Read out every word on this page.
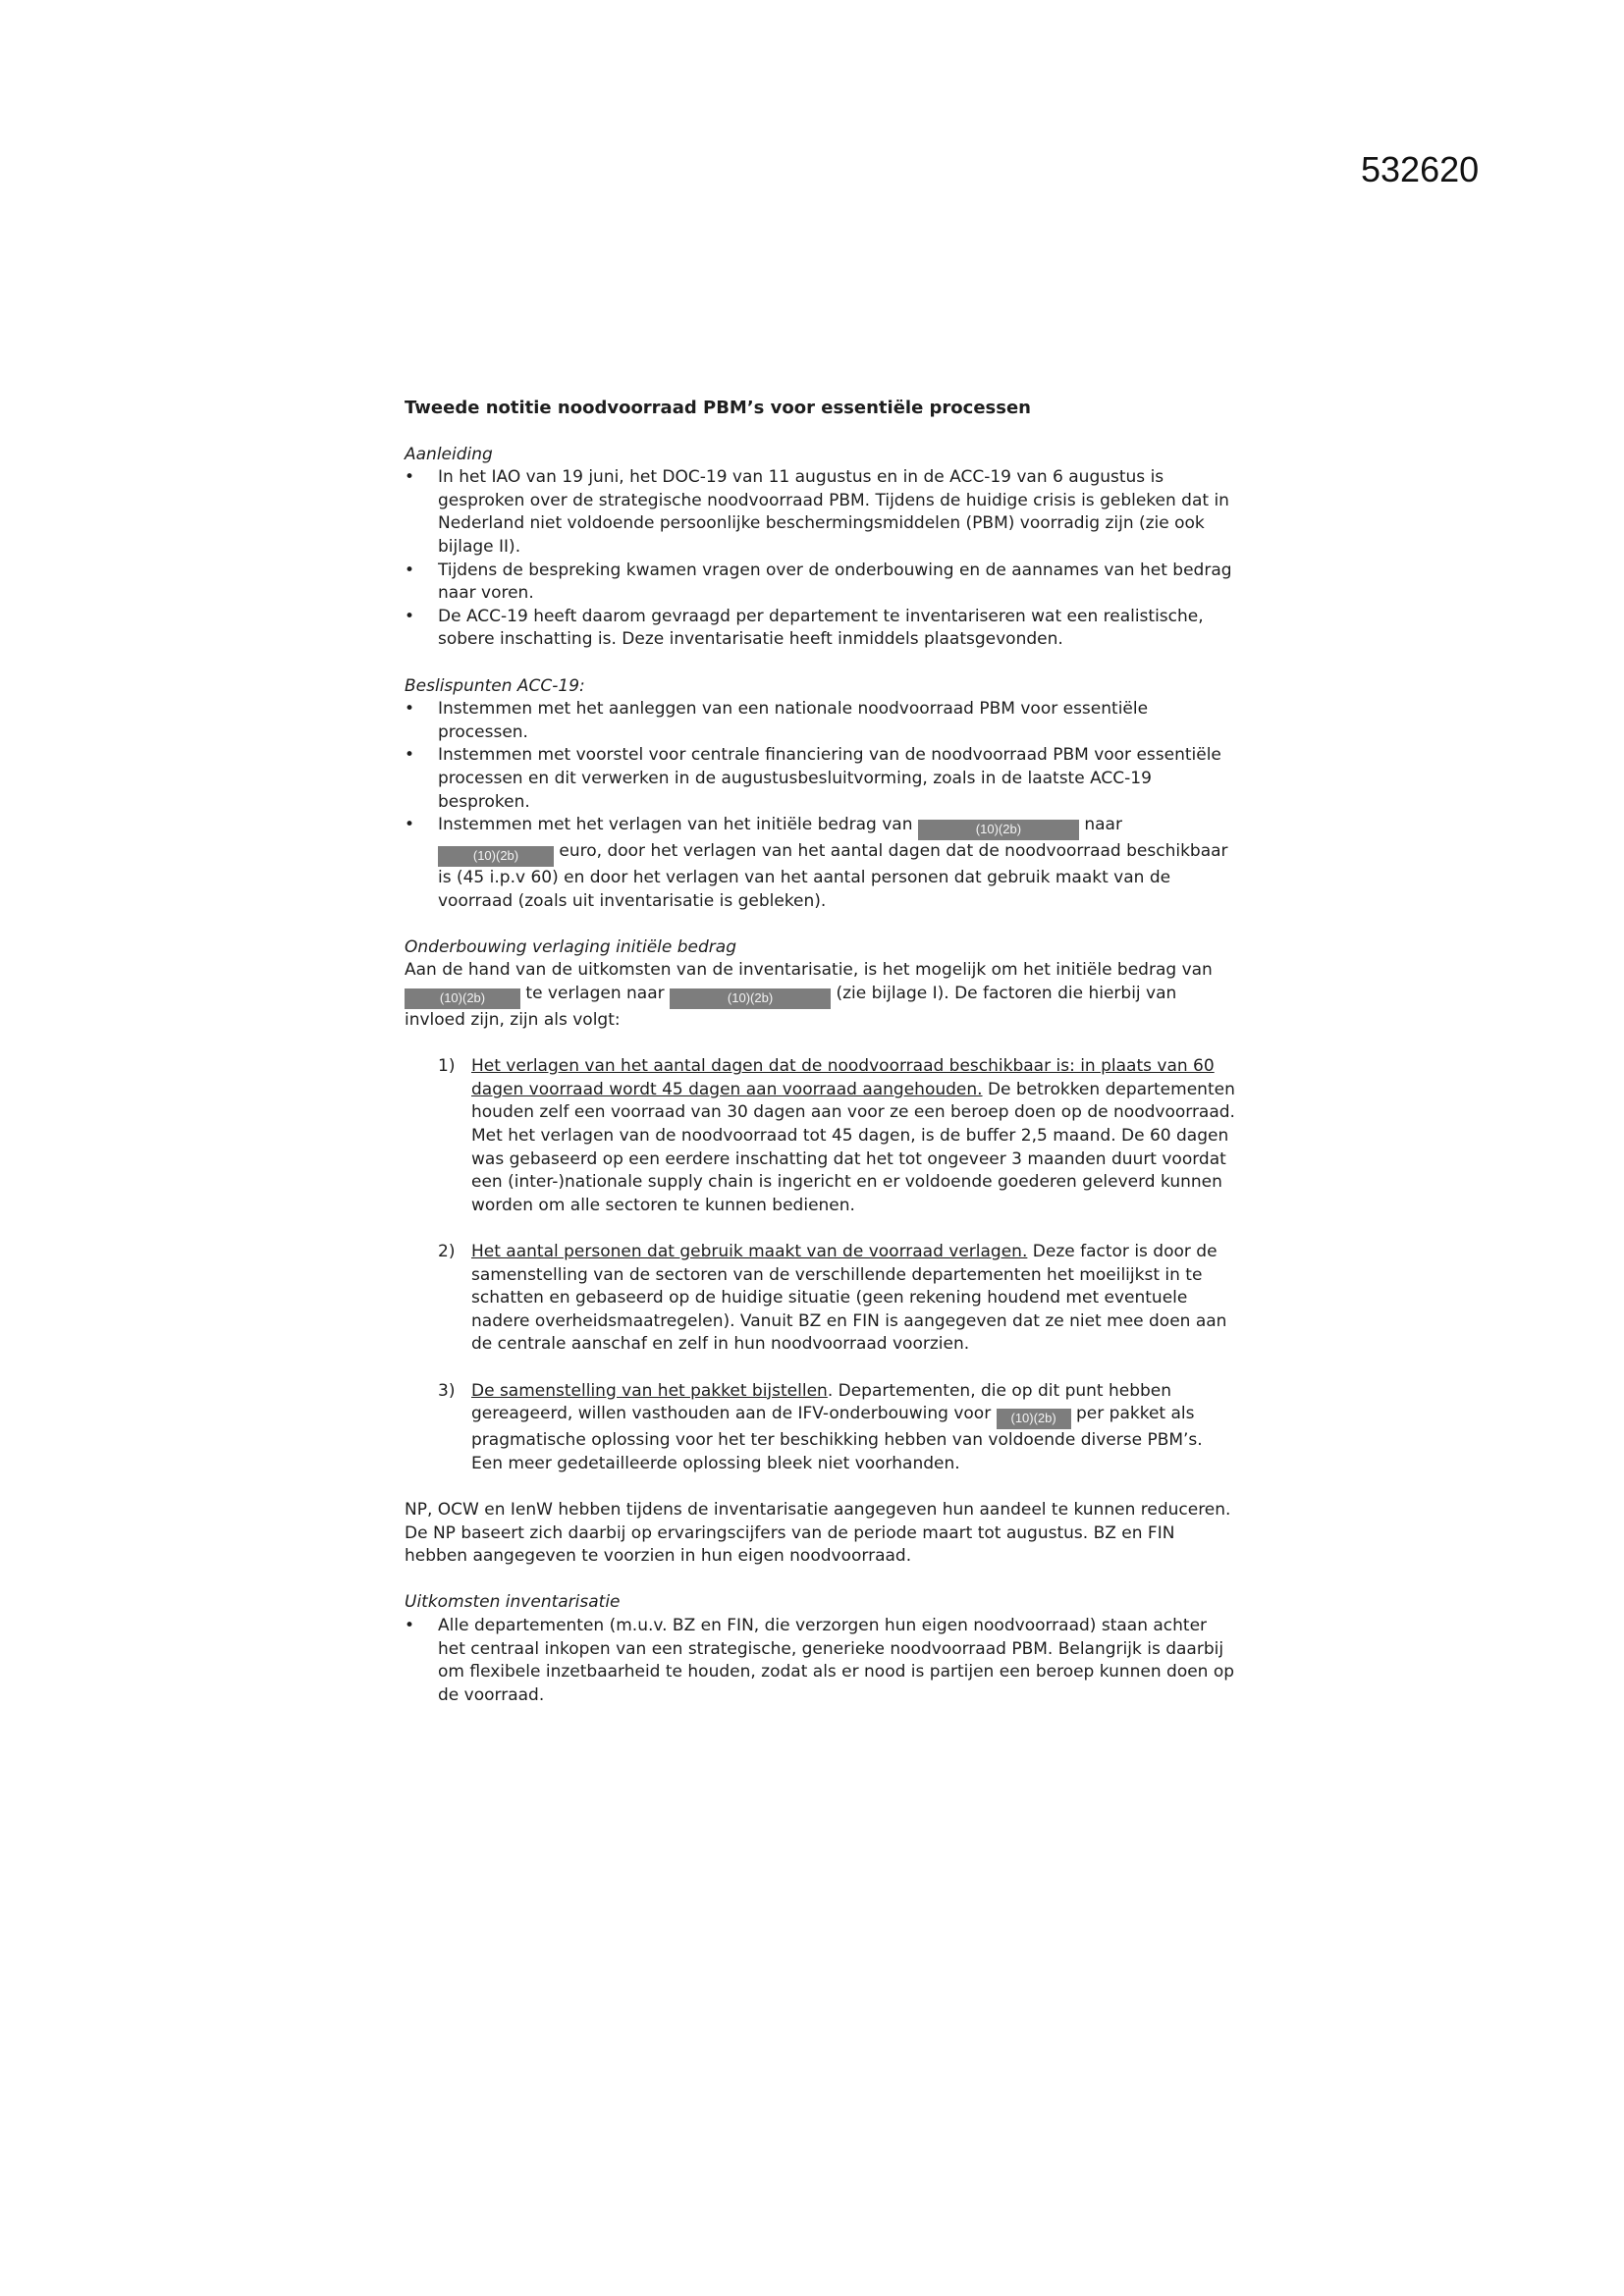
532620
Tweede notitie noodvoorraad PBM’s voor essentiële processen

Aanleiding

• In het IAO van 19 juni, het DOC-19 van 11 augustus en in de ACC-19 van 6 augustus is gesproken over de strategische noodvoorraad PBM. Tijdens de huidige crisis is gebleken dat in Nederland niet voldoende persoonlijke beschermingsmiddelen (PBM) voorradig zijn (zie ook bijlage II).
• Tijdens de bespreking kwamen vragen over de onderbouwing en de aannames van het bedrag naar voren.
• De ACC-19 heeft daarom gevraagd per departement te inventariseren wat een realistische, sobere inschatting is. Deze inventarisatie heeft inmiddels plaatsgevonden.

Beslispunten ACC-19:

• Instemmen met het aanleggen van een nationale noodvoorraad PBM voor essentiële processen.
• Instemmen met voorstel voor centrale financiering van de noodvoorraad PBM voor essentiële processen en dit verwerken in de augustusbesluitvorming, zoals in de laatste ACC-19 besproken.
• Instemmen met het verlagen van het initiële bedrag van	(10)(2b)	naar (10)(2b) euro, door het verlagen van het aantal dagen dat de noodvoorraad beschikbaar is (45 i.p.v 60) en door het verlagen van het aantal personen dat gebruik maakt van de voorraad (zoals uit inventarisatie is gebleken).

Onderbouwing verlaging initiële bedrag

Aan de hand van de uitkomsten van de inventarisatie, is het mogelijk om het initiële bedrag van (10)(2b) te verlagen naar	(10)(2b)	(zie bijlage I). De factoren die hierbij van invloed zijn, zijn als volgt:

1) Het verlagen van het aantal dagen dat de noodvoorraad beschikbaar is: in plaats van 60 dagen voorraad wordt 45 dagen aan voorraad aangehouden. De betrokken departementen houden zelf een voorraad van 30 dagen aan voor ze een beroep doen op de noodvoorraad. Met het verlagen van de noodvoorraad tot 45 dagen, is de buffer 2,5 maand. De 60 dagen was gebaseerd op een eerdere inschatting dat het tot ongeveer 3 maanden duurt voordat een (inter-)nationale supply chain is ingericht en er voldoende goederen geleverd kunnen worden om alle sectoren te kunnen bedienen.
2) Het aantal personen dat gebruik maakt van de voorraad verlagen. Deze factor is door de samenstelling van de sectoren van de verschillende departementen het moeilijkst in te schatten en gebaseerd op de huidige situatie (geen rekening houdend met eventuele nadere overheidsmaatregelen). Vanuit BZ en FIN is aangegeven dat ze niet mee doen aan de centrale aanschaf en zelf in hun noodvoorraad voorzien.
3) De samenstelling van het pakket bijstellen. Departementen, die op dit punt hebben gereageerd, willen vasthouden aan de IFV-onderbouwing voor (10)(2b) per pakket als pragmatische oplossing voor het ter beschikking hebben van voldoende diverse PBM’s. Een meer gedetailleerde oplossing bleek niet voorhanden.

NP, OCW en IenW hebben tijdens de inventarisatie aangegeven hun aandeel te kunnen reduceren. De NP baseert zich daarbij op ervaringscijfers van de periode maart tot augustus. BZ en FIN hebben aangegeven te voorzien in hun eigen noodvoorraad.

Uitkomsten inventarisatie

• Alle departementen (m.u.v. BZ en FIN, die verzorgen hun eigen noodvoorraad) staan achter het centraal inkopen van een strategische, generieke noodvoorraad PBM. Belangrijk is daarbij om flexibele inzetbaarheid te houden, zodat als er nood is partijen een beroep kunnen doen op de voorraad.
